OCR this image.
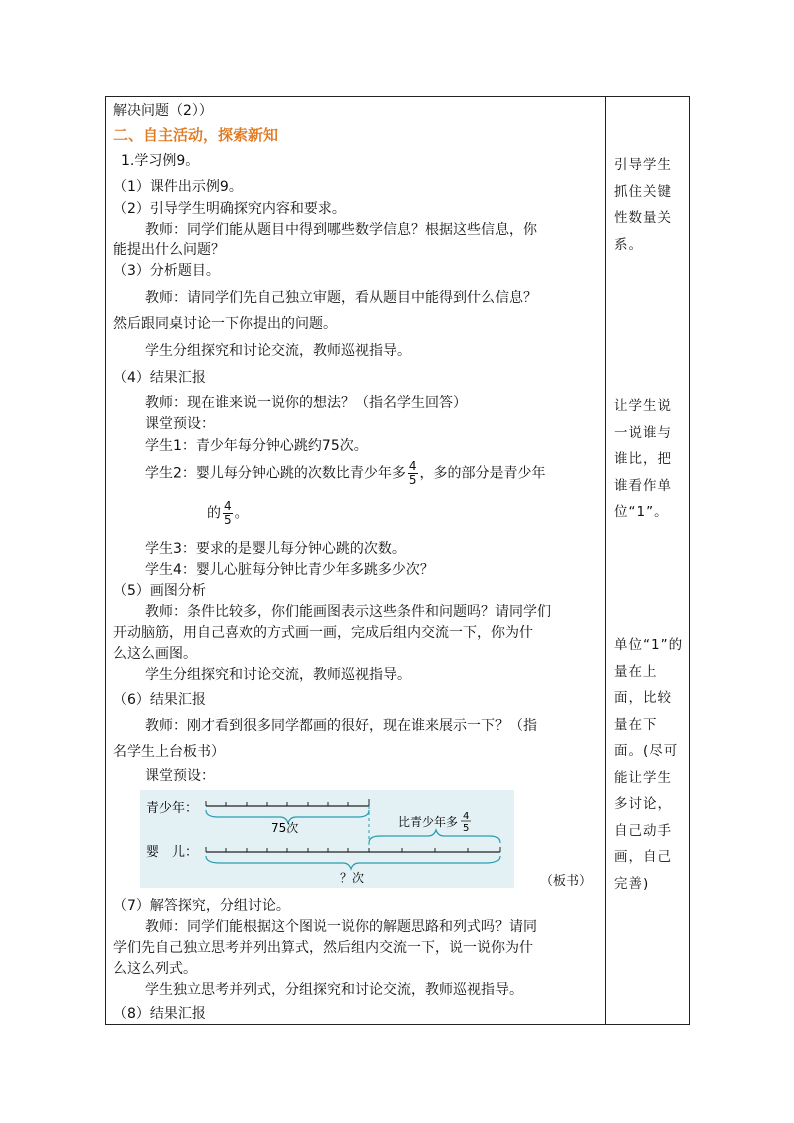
解决问题（2））
二、自主活动，探索新知
1.学习例9。
（1）课件出示例9。
（2）引导学生明确探究内容和要求。
教师：同学们能从题目中得到哪些数学信息？根据这些信息，你
能提出什么问题？
（3）分析题目。
教师：请同学们先自己独立审题，看从题目中能得到什么信息？
然后跟同桌讨论一下你提出的问题。
学生分组探究和讨论交流，教师巡视指导。
（4）结果汇报
教师：现在谁来说一说你的想法？（指名学生回答）
课堂预设：
学生1：青少年每分钟心跳约75次。
学生2：婴儿每分钟心跳的次数比青少年多 $\frac{4}{5}$ ，多的部分是青少年
的 $\frac{4}{5}$ 。
学生3：要求的是婴儿每分钟心跳的次数。
学生4：婴儿心脏每分钟比青少年多跳多少次？
（5）画图分析
教师：条件比较多，你们能画图表示这些条件和问题吗？请同学们
开动脑筋，用自己喜欢的方式画一画，完成后组内交流一下，你为什
么这么画图。
学生分组探究和讨论交流，教师巡视指导。
（6）结果汇报
教师：刚才看到很多同学都画的很好，现在谁来展示一下？（指
名学生上台板书）
课堂预设：
（7）解答探究，分组讨论。
教师：同学们能根据这个图说一说你的解题思路和列式吗？请同
学们先自己独立思考并列出算式，然后组内交流一下，说一说你为什
么这么列式。
学生独立思考并列式，分组探究和讨论交流，教师巡视指导。
（8）结果汇报
青少年：
75次	比青少年多 4
5
婴　儿：
？次	（板书）
引导学生抓住关键性数量关系。
让学生说一说谁与谁比，把谁看作单位“1”。
单位“1”的量在上面，比较量在下面。(尽可能让学生多讨论，自己动手画，自己完善)
